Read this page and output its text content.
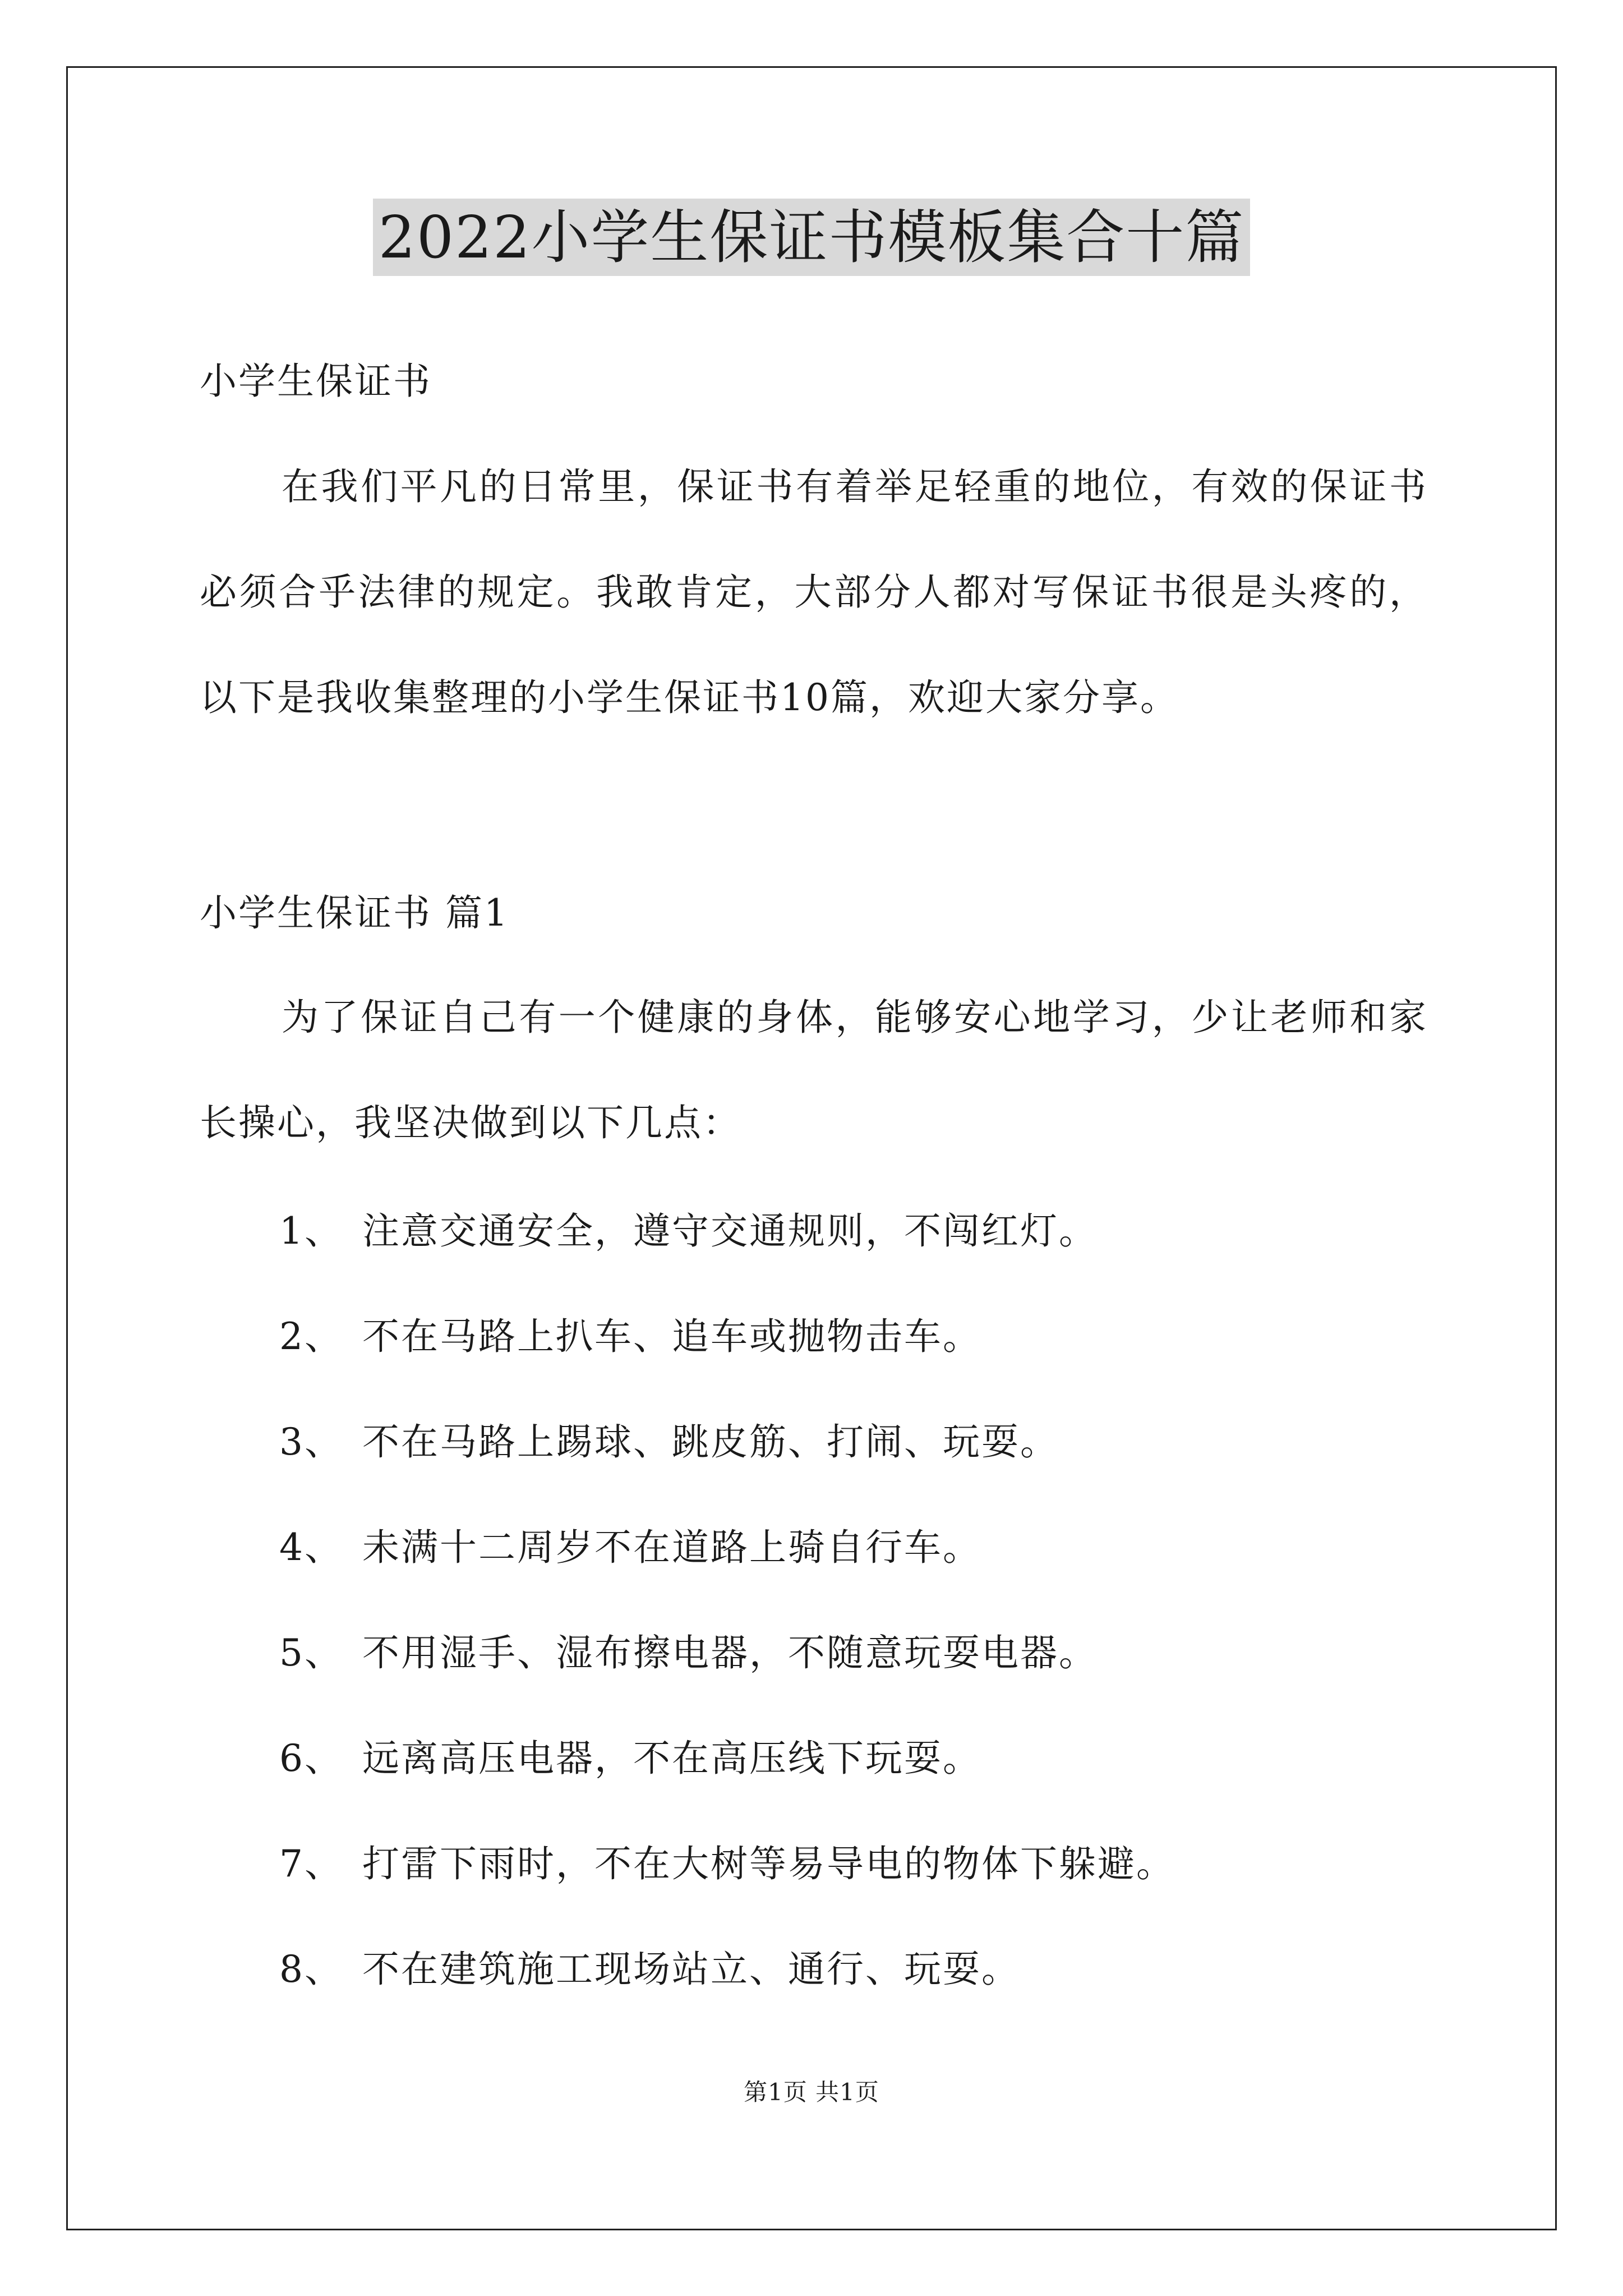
2022小学生保证书模板集合十篇
小学生保证书
在我们平凡的日常里，保证书有着举足轻重的地位，有效的保证书必须合乎法律的规定。我敢肯定，大部分人都对写保证书很是头疼的，以下是我收集整理的小学生保证书10篇，欢迎大家分享。
小学生保证书 篇1
为了保证自己有一个健康的身体，能够安心地学习，少让老师和家长操心，我坚决做到以下几点：
1、 注意交通安全，遵守交通规则，不闯红灯。
2、 不在马路上扒车、追车或抛物击车。
3、 不在马路上踢球、跳皮筋、打闹、玩耍。
4、 未满十二周岁不在道路上骑自行车。
5、 不用湿手、湿布擦电器，不随意玩耍电器。
6、 远离高压电器，不在高压线下玩耍。
7、 打雷下雨时，不在大树等易导电的物体下躲避。
8、 不在建筑施工现场站立、通行、玩耍。
第1页 共1页
